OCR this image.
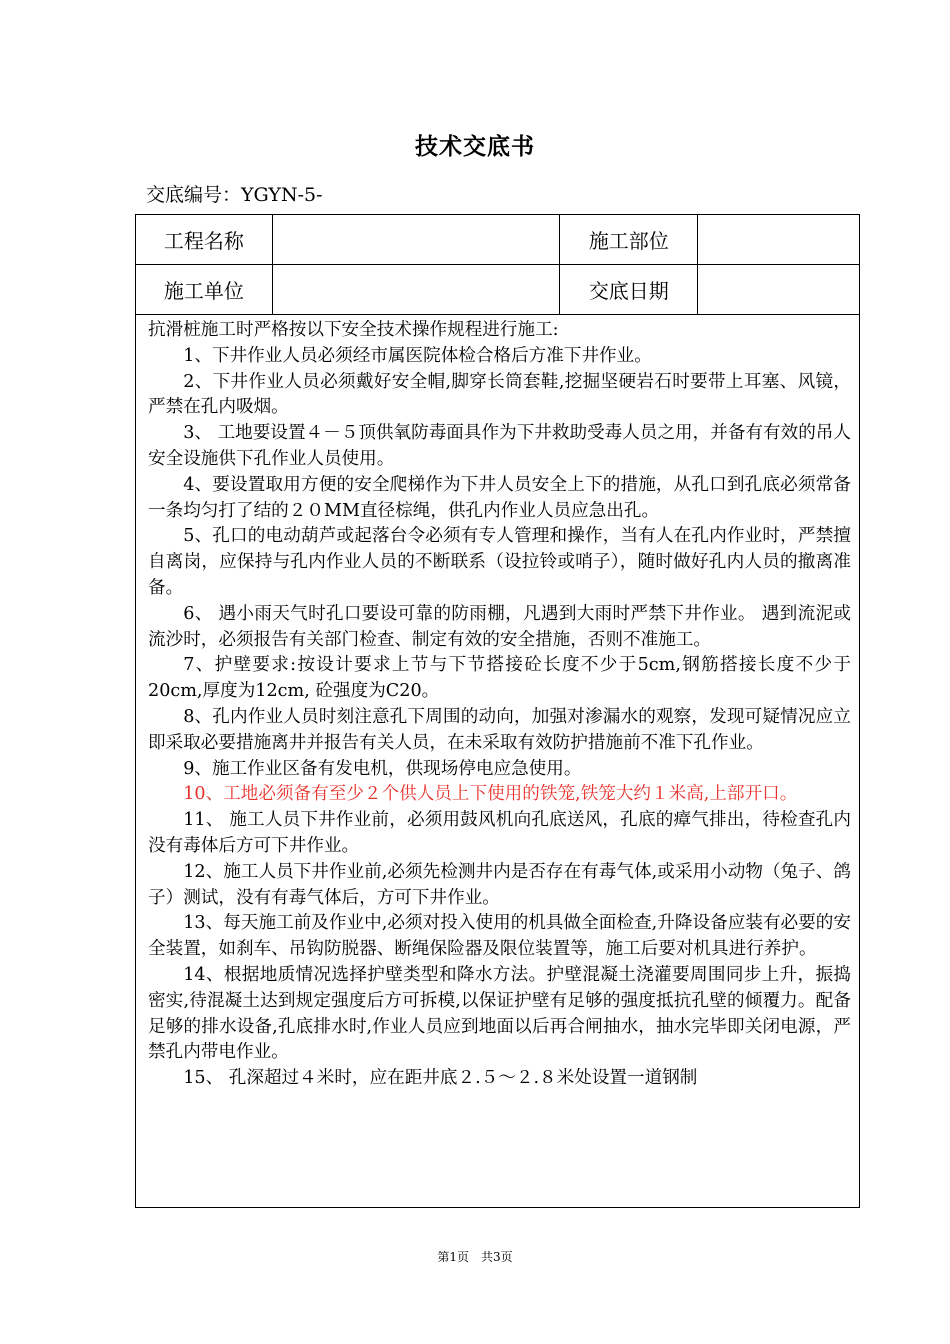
技术交底书
交底编号：YGYN-5-
工程名称		施工部位	
施工单位		交底日期	

抗滑桩施工时严格按以下安全技术操作规程进行施工:

1、下井作业人员必须经市属医院体检合格后方准下井作业。

2、下井作业人员必须戴好安全帽,脚穿长筒套鞋,挖掘坚硬岩石时要带上耳塞、风镜，严禁在孔内吸烟。

3、 工地要设置４－５顶供氧防毒面具作为下井救助受毒人员之用，并备有有效的吊人安全设施供下孔作业人员使用。

4、要设置取用方便的安全爬梯作为下井人员安全上下的措施，从孔口到孔底必须常备一条均匀打了结的２０MM直径棕绳，供孔内作业人员应急出孔。

5、孔口的电动葫芦或起落台令必须有专人管理和操作，当有人在孔内作业时，严禁擅自离岗，应保持与孔内作业人员的不断联系（设拉铃或哨子），随时做好孔内人员的撤离准备。

6、 遇小雨天气时孔口要设可靠的防雨棚，凡遇到大雨时严禁下井作业。 遇到流泥或流沙时，必须报告有关部门检查、制定有效的安全措施，否则不准施工。

7、护壁要求:按设计要求上节与下节搭接砼长度不少于5cm,钢筋搭接长度不少于20cm,厚度为12cm, 砼强度为C20。

8、孔内作业人员时刻注意孔下周围的动向，加强对渗漏水的观察，发现可疑情况应立即采取必要措施离井并报告有关人员，在未采取有效防护措施前不准下孔作业。

9、施工作业区备有发电机，供现场停电应急使用。

10、工地必须备有至少２个供人员上下使用的铁笼,铁笼大约１米高,上部开口。

11、 施工人员下井作业前，必须用鼓风机向孔底送风，孔底的瘴气排出，待检查孔内没有毒体后方可下井作业。

12、施工人员下井作业前,必须先检测井内是否存在有毒气体,或采用小动物（兔子、鸽子）测试，没有有毒气体后，方可下井作业。

13、每天施工前及作业中,必须对投入使用的机具做全面检查,升降设备应装有必要的安全装置，如刹车、吊钩防脱器、断绳保险器及限位装置等，施工后要对机具进行养护。

14、根据地质情况选择护壁类型和降水方法。护壁混凝土浇灌要周围同步上升，振捣密实,待混凝土达到规定强度后方可拆模,以保证护壁有足够的强度抵抗孔壁的倾覆力。配备足够的排水设备,孔底排水时,作业人员应到地面以后再合闸抽水，抽水完毕即关闭电源，严禁孔内带电作业。

15、 孔深超过４米时，应在距井底２.５～２.８米处设置一道钢制

第1页 共3页
